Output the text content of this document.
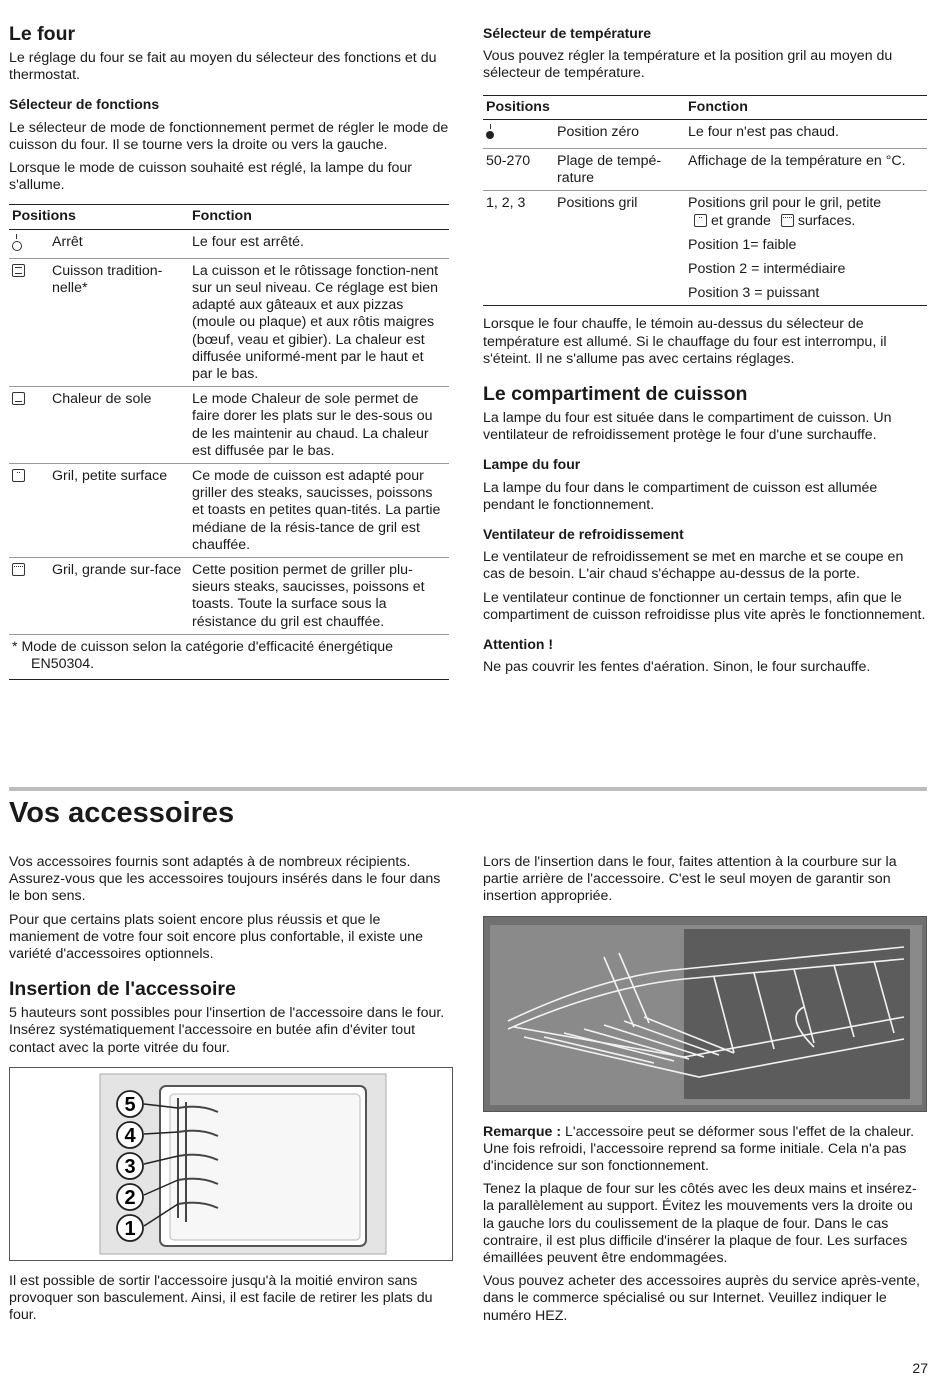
Le four

Le réglage du four se fait au moyen du sélecteur des fonctions et du thermostat.

Sélecteur de fonctions

Le sélecteur de mode de fonctionnement permet de régler le mode de cuisson du four. Il se tourne vers la droite ou vers la gauche.

Lorsque le mode de cuisson souhaité est réglé, la lampe du four s'allume.

Positions		Fonction
	Arrêt	Le four est arrêté.
	Cuisson tradition-nelle*	La cuisson et le rôtissage fonction-nent sur un seul niveau. Ce réglage est bien adapté aux gâteaux et aux pizzas (moule ou plaque) et aux rôtis maigres (bœuf, veau et gibier). La chaleur est diffusée uniformé-ment par le haut et par le bas.
	Chaleur de sole	Le mode Chaleur de sole permet de faire dorer les plats sur le des-sous ou de les maintenir au chaud. La chaleur est diffusée par le bas.
	Gril, petite surface	Ce mode de cuisson est adapté pour griller des steaks, saucisses, poissons et toasts en petites quan-tités. La partie médiane de la résis-tance de gril est chauffée.
	Gril, grande sur-face	Cette position permet de griller plu-sieurs steaks, saucisses, poissons et toasts. Toute la surface sous la résistance du gril est chauffée.
* Mode de cuisson selon la catégorie d'efficacité énergétique
EN50304.
Sélecteur de température

Vous pouvez régler la température et la position gril au moyen du sélecteur de température.

Positions		Fonction
	Position zéro	Le four n'est pas chaud.
50-270	Plage de tempé-rature	Affichage de la température en °C.
1, 2, 3	Positions gril	Positions gril pour le gril, petite
et grande surfaces.
Position 1= faible
Postion 2 = intermédiaire
Position 3 = puissant

Lorsque le four chauffe, le témoin au-dessus du sélecteur de température est allumé. Si le chauffage du four est interrompu, il s'éteint. Il ne s'allume pas avec certains réglages.

Le compartiment de cuisson

La lampe du four est située dans le compartiment de cuisson. Un ventilateur de refroidissement protège le four d'une surchauffe.

Lampe du four

La lampe du four dans le compartiment de cuisson est allumée pendant le fonctionnement.

Ventilateur de refroidissement

Le ventilateur de refroidissement se met en marche et se coupe en cas de besoin. L'air chaud s'échappe au-dessus de la porte.

Le ventilateur continue de fonctionner un certain temps, afin que le compartiment de cuisson refroidisse plus vite après le fonctionnement.

Attention !

Ne pas couvrir les fentes d'aération. Sinon, le four surchauffe.

Vos accessoires

Vos accessoires fournis sont adaptés à de nombreux récipients. Assurez-vous que les accessoires toujours insérés dans le four dans le bon sens.

Pour que certains plats soient encore plus réussis et que le maniement de votre four soit encore plus confortable, il existe une variété d'accessoires optionnels.

Insertion de l'accessoire

5 hauteurs sont possibles pour l'insertion de l'accessoire dans le four. Insérez systématiquement l'accessoire en butée afin d'éviter tout contact avec la porte vitrée du four.

5
4
3
2
1

Il est possible de sortir l'accessoire jusqu'à la moitié environ sans provoquer son basculement. Ainsi, il est facile de retirer les plats du four.

Lors de l'insertion dans le four, faites attention à la courbure sur la partie arrière de l'accessoire. C'est le seul moyen de garantir son insertion appropriée.

Remarque : L'accessoire peut se déformer sous l'effet de la chaleur. Une fois refroidi, l'accessoire reprend sa forme initiale. Cela n'a pas d'incidence sur son fonctionnement.

Tenez la plaque de four sur les côtés avec les deux mains et insérez-la parallèlement au support. Évitez les mouvements vers la droite ou la gauche lors du coulissement de la plaque de four. Dans le cas contraire, il est plus difficile d'insérer la plaque de four. Les surfaces émaillées peuvent être endommagées.

Vous pouvez acheter des accessoires auprès du service après-vente, dans le commerce spécialisé ou sur Internet. Veuillez indiquer le numéro HEZ.

27
